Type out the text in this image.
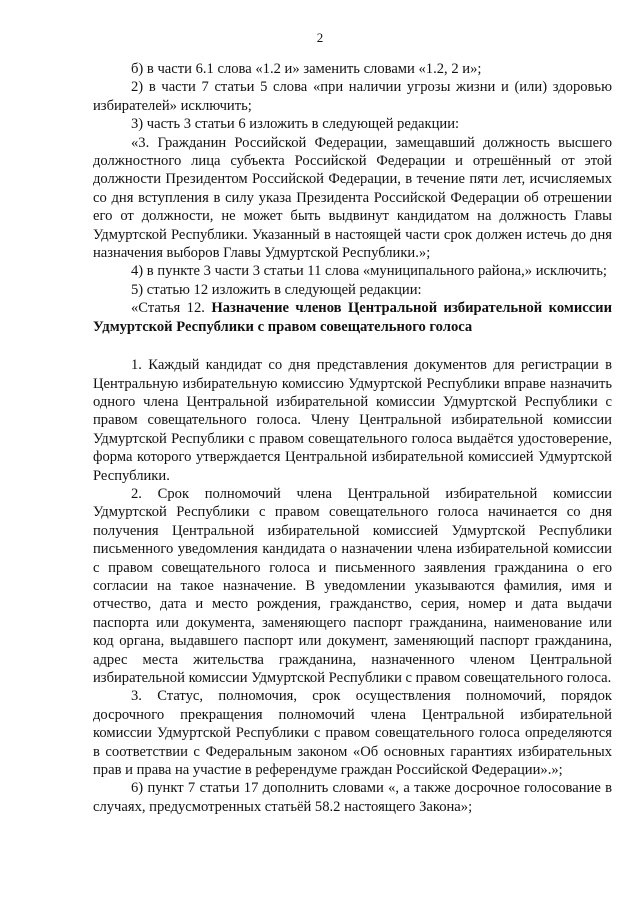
2

б) в части 6.1 слова «1.2 и» заменить словами «1.2, 2 и»;

2) в части 7 статьи 5 слова «при наличии угрозы жизни и (или) здоровью избирателей» исключить;

3) часть 3 статьи 6 изложить в следующей редакции:

«3. Гражданин Российской Федерации, замещавший должность высшего должностного лица субъекта Российской Федерации и отрешённый от этой должности Президентом Российской Федерации, в течение пяти лет, исчисляемых со дня вступления в силу указа Президента Российской Федерации об отрешении его от должности, не может быть выдвинут кандидатом на должность Главы Удмуртской Республики. Указанный в настоящей части срок должен истечь до дня назначения выборов Главы Удмуртской Республики.»;

4) в пункте 3 части 3 статьи 11 слова «муниципального района,» исключить;

5) статью 12 изложить в следующей редакции:

«Статья 12. Назначение членов Центральной избирательной комиссии Удмуртской Республики с правом совещательного голоса

1. Каждый кандидат со дня представления документов для регистрации в Центральную избирательную комиссию Удмуртской Республики вправе назначить одного члена Центральной избирательной комиссии Удмуртской Республики с правом совещательного голоса. Члену Центральной избирательной комиссии Удмуртской Республики с правом совещательного голоса выдаётся удостоверение, форма которого утверждается Центральной избирательной комиссией Удмуртской Республики.

2. Срок полномочий члена Центральной избирательной комиссии Удмуртской Республики с правом совещательного голоса начинается со дня получения Центральной избирательной комиссией Удмуртской Республики письменного уведомления кандидата о назначении члена избирательной комиссии с правом совещательного голоса и письменного заявления гражданина о его согласии на такое назначение. В уведомлении указываются фамилия, имя и отчество, дата и место рождения, гражданство, серия, номер и дата выдачи паспорта или документа, заменяющего паспорт гражданина, наименование или код органа, выдавшего паспорт или документ, заменяющий паспорт гражданина, адрес места жительства гражданина, назначенного членом Центральной избирательной комиссии Удмуртской Республики с правом совещательного голоса.

3. Статус, полномочия, срок осуществления полномочий, порядок досрочного прекращения полномочий члена Центральной избирательной комиссии Удмуртской Республики с правом совещательного голоса определяются в соответствии с Федеральным законом «Об основных гарантиях избирательных прав и права на участие в референдуме граждан Российской Федерации».»;

6) пункт 7 статьи 17 дополнить словами «, а также досрочное голосование в случаях, предусмотренных статьёй 58.2 настоящего Закона»;
